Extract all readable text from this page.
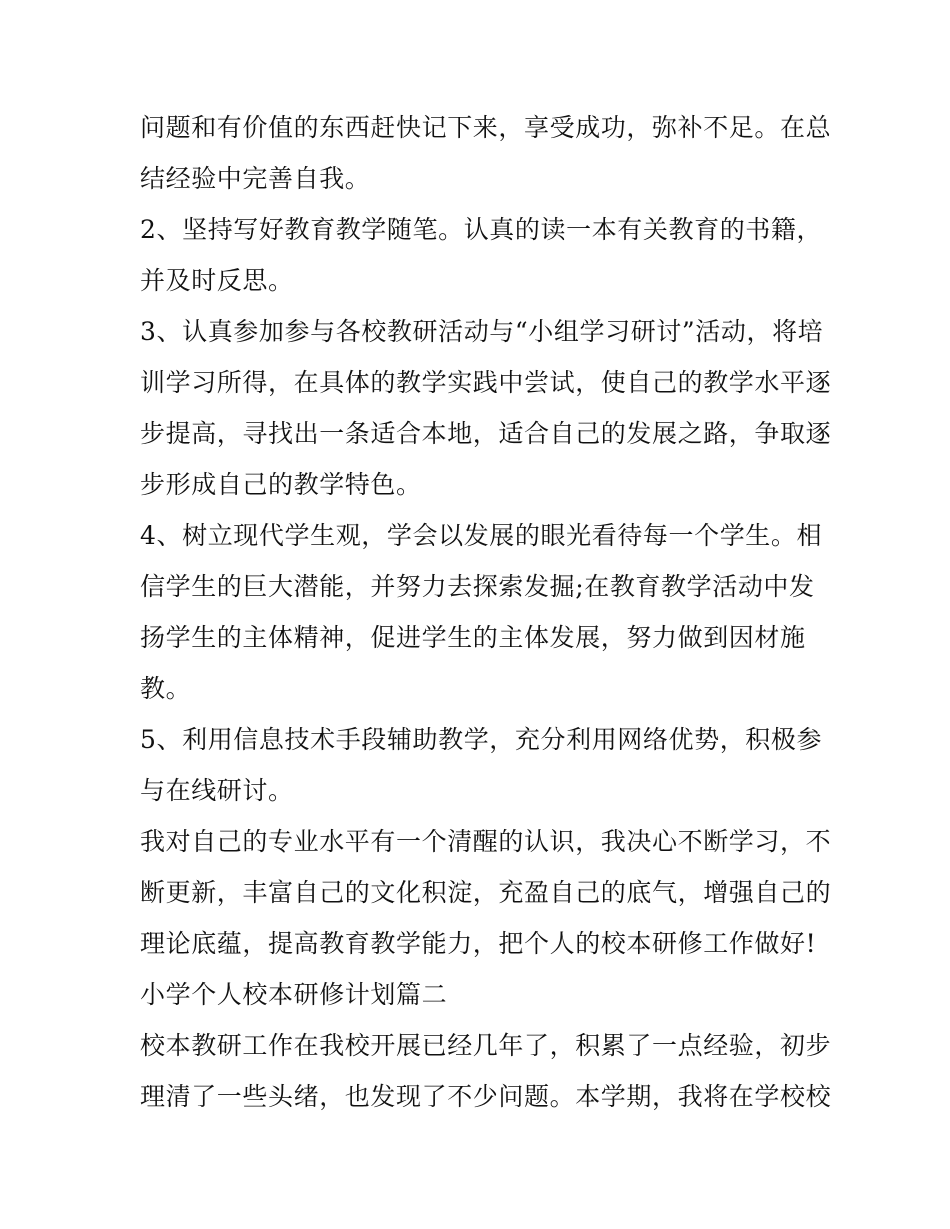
问题和有价值的东西赶快记下来，享受成功，弥补不足。在总
结经验中完善自我。
2、坚持写好教育教学随笔。认真的读一本有关教育的书籍，
并及时反思。
3、认真参加参与各校教研活动与“小组学习研讨”活动，将培
训学习所得，在具体的教学实践中尝试，使自己的教学水平逐
步提高，寻找出一条适合本地，适合自己的发展之路，争取逐
步形成自己的教学特色。
4、树立现代学生观，学会以发展的眼光看待每一个学生。相
信学生的巨大潜能，并努力去探索发掘;在教育教学活动中发
扬学生的主体精神，促进学生的主体发展，努力做到因材施
教。
5、利用信息技术手段辅助教学，充分利用网络优势，积极参
与在线研讨。
我对自己的专业水平有一个清醒的认识，我决心不断学习，不
断更新，丰富自己的文化积淀，充盈自己的底气，增强自己的
理论底蕴，提高教育教学能力，把个人的校本研修工作做好!
小学个人校本研修计划篇二
校本教研工作在我校开展已经几年了，积累了一点经验，初步
理清了一些头绪，也发现了不少问题。本学期，我将在学校校
